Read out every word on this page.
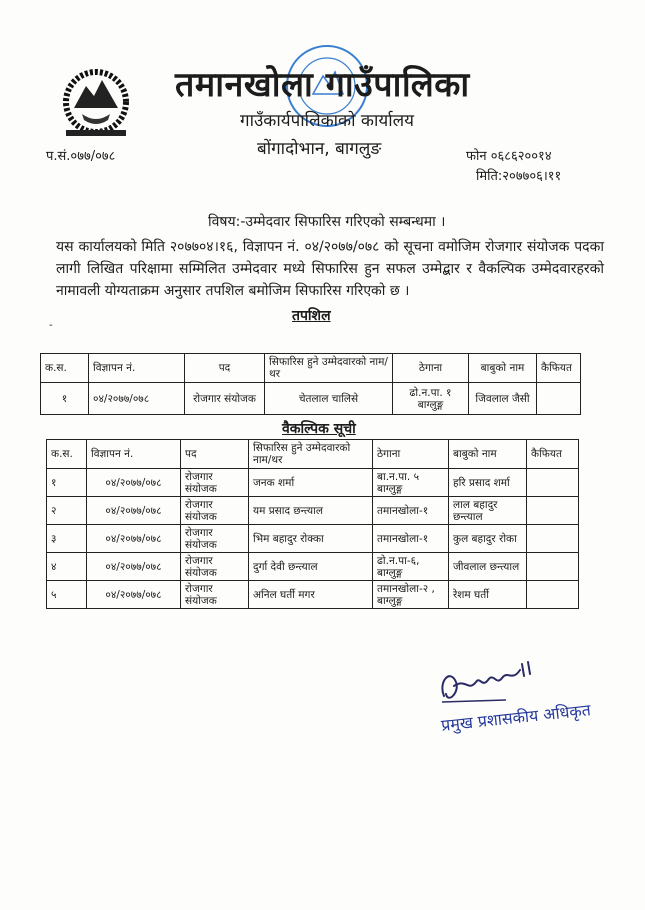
तमानखोला गाउँपालिका
गाउँकार्यपालिकाको कार्यालय
बोंगादोभान, बागलुङ
प.सं.०७७/०७८	फोन ०६८६२००१४
मिति:२०७७०६।११
विषय:-उम्मेदवार सिफारिस गरिएको सम्बन्धमा ।
यस कार्यालयको मिति २०७७०४।१६, विज्ञापन नं. ०४/२०७७/०७८ को सूचना वमोजिम रोजगार संयोजक पदका लागी लिखित परिक्षामा सम्मिलित उम्मेदवार मध्ये सिफारिस हुन सफल उम्मेद्बार र वैकल्पिक उम्मेदवारहरको नामावली योग्यताक्रम अनुसार तपशिल बमोजिम सिफारिस गरिएको छ ।
तपशिल
-
क.स.	विज्ञापन नं.	पद	सिफारिस हुने उम्मेदवारको नाम/थर	ठेगाना	बाबुको नाम	कैफियत
१	०४/२०७७/०७८	रोजगार संयोजक	चेतलाल चालिसे	ढो.न.पा. १ बाग्लुङ्ग	जिवलाल जैसी	
वैकल्पिक सूची
क.स.	विज्ञापन नं.	पद	सिफारिस हुने उम्मेदवारको नाम/थर	ठेगाना	बाबुको नाम	कैफियत
१	०४/२०७७/०७८	रोजगार संयोजक	जनक शर्मा	बा.न.पा. ५ बाग्लुङ्ग	हरि प्रसाद शर्मा	
२	०४/२०७७/०७८	रोजगार संयोजक	यम प्रसाद छन्त्याल	तमानखोला-१	लाल बहादुर छन्त्याल	
३	०४/२०७७/०७८	रोजगार संयोजक	भिम बहादुर रोक्का	तमानखोला-१	कुल बहादुर रोका	
४	०४/२०७७/०७८	रोजगार संयोजक	दुर्गा देवी छन्त्याल	ढो.न.पा-६, बाग्लुङ्ग	जीवलाल छन्त्याल	
५	०४/२०७७/०७८	रोजगार संयोजक	अनिल घर्ती मगर	तमानखोला-२ , बाग्लुङ्ग	रेशम घर्ती	
प्रमुख प्रशासकीय अधिकृत
